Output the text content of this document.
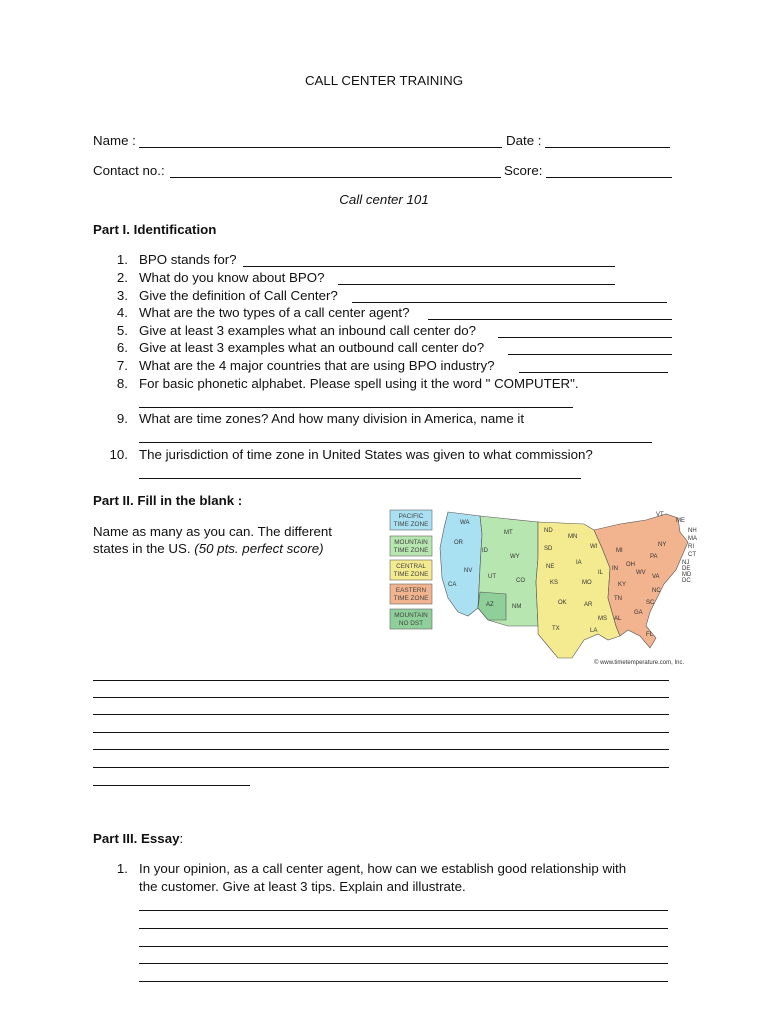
CALL CENTER TRAINING
Name :	Date :
Contact no.:	Score:
Call center 101
Part I. Identification
1. BPO stands for?
2. What do you know about BPO?
3. Give the definition of Call Center?
4. What are the two types of a call center agent?
5. Give at least 3 examples what an inbound call center do?
6. Give at least 3 examples what an outbound call center do?
7. What are the 4 major countries that are using BPO industry?
8. For basic phonetic alphabet. Please spell using it the word " COMPUTER".
9. What are time zones? And how many division in America, name it
10. The jurisdiction of time zone in United States was given to what commission?
Part II. Fill in the blank :
Name as many as you can. The different
states in the US. (50 pts. perfect score)
PACIFIC
TIME ZONE
MOUNTAIN
TIME ZONE
CENTRAL
TIME ZONE
EASTERN
TIME ZONE
MOUNTAIN
NO DST
WA
OR
CA
NV
ID
MT
WY
UT
CO
AZ	NM
ND
SD
NE
KS
OK
TX
MN
IA
MO
AR
LA
WI
IL
MS AL
MI
IN
OH
KY
TN
GA
FL
SC
NC
VA
WV
PA
NY
VT
ME
NH
MA
RI
CT
NJ
DE
MD
DC
© www.timetemperature.com, Inc.
Part III. Essay:
1. In your opinion, as a call center agent, how can we establish good relationship with
the customer. Give at least 3 tips. Explain and illustrate.
